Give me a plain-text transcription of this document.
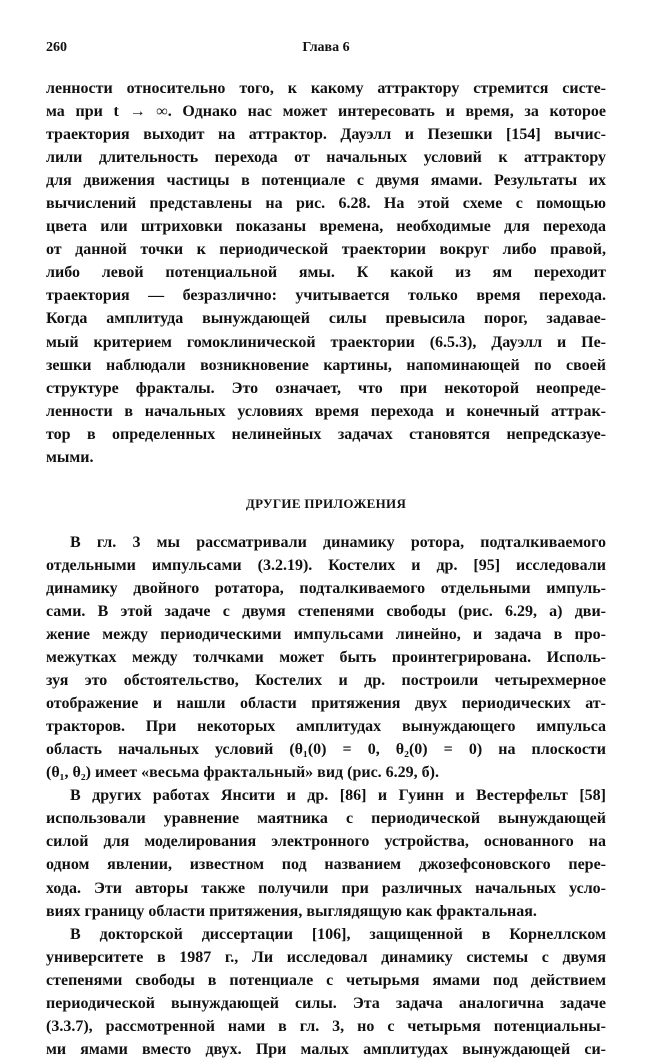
260	Глава 6
ленности относительно того, к какому аттрактору стремится систе-
ма при t → ∞. Однако нас может интересовать и время, за которое
траектория выходит на аттрактор. Дауэлл и Пезешки [154] вычис-
лили длительность перехода от начальных условий к аттрактору
для движения частицы в потенциале с двумя ямами. Результаты их
вычислений представлены на рис. 6.28. На этой схеме с помощью
цвета или штриховки показаны времена, необходимые для перехода
от данной точки к периодической траектории вокруг либо правой,
либо левой потенциальной ямы. К какой из ям переходит
траектория — безразлично: учитывается только время перехода.
Когда амплитуда вынуждающей силы превысила порог, задавае-
мый критерием гомоклинической траектории (6.5.3), Дауэлл и Пе-
зешки наблюдали возникновение картины, напоминающей по своей
структуре фракталы. Это означает, что при некоторой неопреде-
ленности в начальных условиях время перехода и конечный аттрак-
тор в определенных нелинейных задачах становятся непредсказуе-
мыми.
ДРУГИЕ ПРИЛОЖЕНИЯ
В гл. 3 мы рассматривали динамику ротора, подталкиваемого
отдельными импульсами (3.2.19). Костелих и др. [95] исследовали
динамику двойного ротатора, подталкиваемого отдельными импуль-
сами. В этой задаче с двумя степенями свободы (рис. 6.29, а) дви-
жение между периодическими импульсами линейно, и задача в про-
межутках между толчками может быть проинтегрирована. Исполь-
зуя это обстоятельство, Костелих и др. построили четырехмерное
отображение и нашли области притяжения двух периодических ат-
тракторов. При некоторых амплитудах вынуждающего импульса
область начальных условий (θ₁(0) = 0, θ₂(0) = 0) на плоскости
(θ₁, θ₂) имеет «весьма фрактальный» вид (рис. 6.29, б).
В других работах Янсити и др. [86] и Гуинн и Вестерфельт [58]
использовали уравнение маятника с периодической вынуждающей
силой для моделирования электронного устройства, основанного на
одном явлении, известном под названием джозефсоновского пере-
хода. Эти авторы также получили при различных начальных усло-
виях границу области притяжения, выглядящую как фрактальная.
В докторской диссертации [106], защищенной в Корнеллском
университете в 1987 г., Ли исследовал динамику системы с двумя
степенями свободы в потенциале с четырьмя ямами под действием
периодической вынуждающей силы. Эта задача аналогична задаче
(3.3.7), рассмотренной нами в гл. 3, но с четырьмя потенциальны-
ми ямами вместо двух. При малых амплитудах вынуждающей си-
